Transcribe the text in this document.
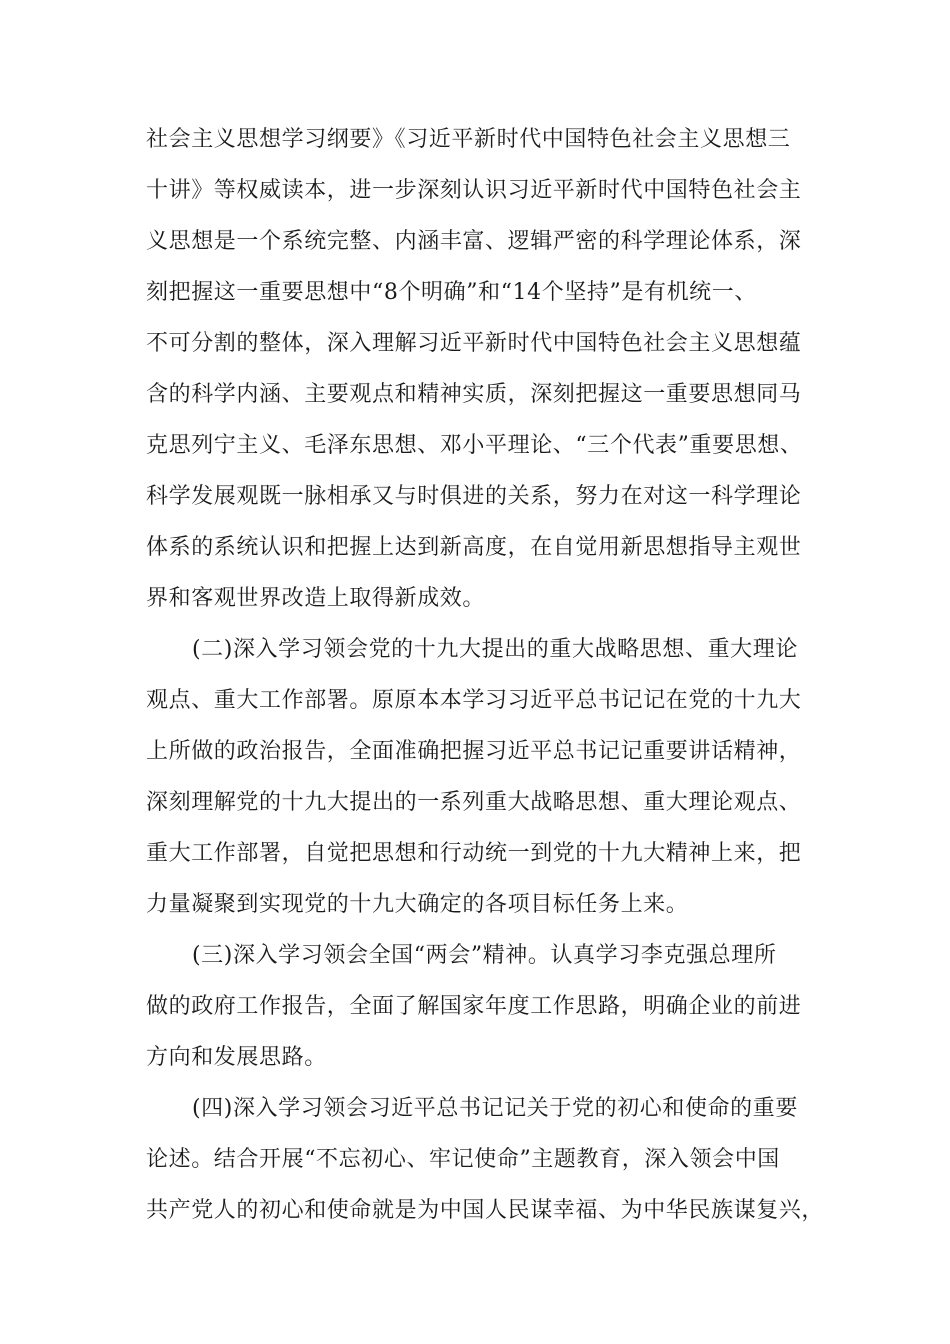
社会主义思想学习纲要》《习近平新时代中国特色社会主义思想三
十讲》等权威读本，进一步深刻认识习近平新时代中国特色社会主
义思想是一个系统完整、内涵丰富、逻辑严密的科学理论体系，深
刻把握这一重要思想中“8个明确”和“14个坚持”是有机统一、
不可分割的整体，深入理解习近平新时代中国特色社会主义思想蕴
含的科学内涵、主要观点和精神实质，深刻把握这一重要思想同马
克思列宁主义、毛泽东思想、邓小平理论、“三个代表”重要思想、
科学发展观既一脉相承又与时俱进的关系，努力在对这一科学理论
体系的系统认识和把握上达到新高度，在自觉用新思想指导主观世
界和客观世界改造上取得新成效。
(二)深入学习领会党的十九大提出的重大战略思想、重大理论
观点、重大工作部署。原原本本学习习近平总书记记在党的十九大
上所做的政治报告，全面准确把握习近平总书记记重要讲话精神，
深刻理解党的十九大提出的一系列重大战略思想、重大理论观点、
重大工作部署，自觉把思想和行动统一到党的十九大精神上来，把
力量凝聚到实现党的十九大确定的各项目标任务上来。
(三)深入学习领会全国“两会”精神。认真学习李克强总理所
做的政府工作报告，全面了解国家年度工作思路，明确企业的前进
方向和发展思路。
(四)深入学习领会习近平总书记记关于党的初心和使命的重要
论述。结合开展“不忘初心、牢记使命”主题教育，深入领会中国
共产党人的初心和使命就是为中国人民谋幸福、为中华民族谋复兴，
